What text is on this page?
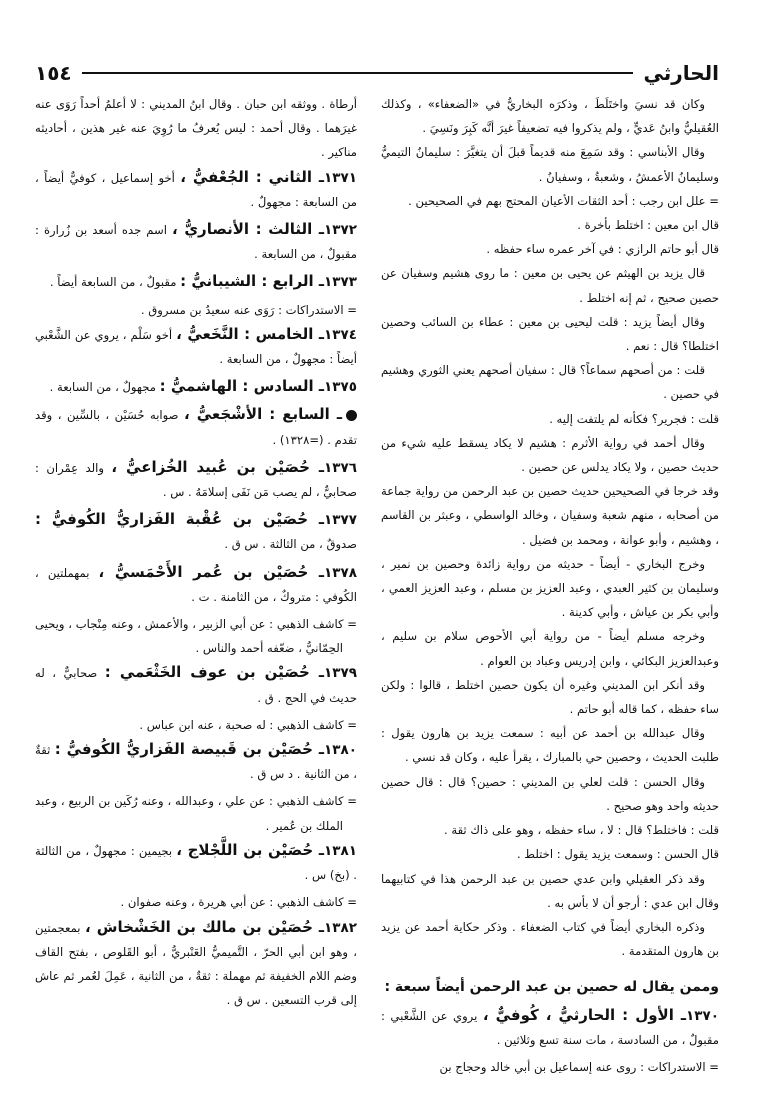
الحارثي
١٥٤

وكان قد نسيَ واختَلَطَ ، وذكرَه البخاريُّ في «الضعفاء» ، وكذلك العُقيليُّ وابنُ عَديٍّ ، ولم يذكروا فيه تضعيفاً غيرَ أنَّه كَبِرَ ونَسِيَ .

وقال الأبناسي : وقد سَمِعَ منه قديماً قبلَ أن يتغيَّرَ : سليمانُ التيميُّ وسليمانُ الأعمشُ ، وشعبةُ ، وسفيانُ .

= علل ابن رجب : أحد الثقات الأعيان المحتج بهم في الصحيحين .

قال ابن معين : اختلط بأخرة .

قال أبو حاتم الرازي : في آخر عمره ساء حفظه .

قال يزيد بن الهيثم عن يحيى بن معين : ما روى هشيم وسفيان عن حصين صحيح ، ثم إنه اختلط .

وقال أيضاً يزيد : قلت ليحيى بن معين : عطاء بن السائب وحصين اختلطا؟ قال : نعم .

قلت : من أصحهم سماعاً؟ قال : سفيان أصحهم يعني الثوري وهشيم في حصين .

قلت : فجرير؟ فكأنه لم يلتفت إليه .

وقال أحمد في رواية الأثرم : هشيم لا يكاد يسقط عليه شيء من حديث حصين ، ولا يكاد يدلس عن حصين .

وقد خرجا في الصحيحين حديث حصين بن عبد الرحمن من رواية جماعة من أصحابه ، منهم شعبة وسفيان ، وخالد الواسطي ، وعبثر بن القاسم ، وهشيم ، وأبو عوانة ، ومحمد بن فضيل .

وخرج البخاري - أيضاً - حديثه من رواية زائدة وحصين بن نمير ، وسليمان بن كثير العبدي ، وعبد العزيز بن مسلم ، وعبد العزيز العمي ، وأبي بكر بن عياش ، وأبي كدينة .

وخرجه مسلم أيضاً - من رواية أبي الأحوص سلام بن سليم ، وعبدالعزيز البكائي ، وابن إدريس وعباد بن العوام .

وقد أنكر ابن المديني وغيره أن يكون حصين اختلط ، قالوا : ولكن ساء حفظه ، كما قاله أبو حاتم .

وقال عبدالله بن أحمد عن أبيه : سمعت يزيد بن هارون يقول : طلبت الحديث ، وحصين حي بالمبارك ، يقرأ عليه ، وكان قد نسي .

وقال الحسن : قلت لعلي بن المديني : حصين؟ قال : قال حصين حديثه واحد وهو صحيح .

قلت : فاختلط؟ قال : لا ، ساء حفظه ، وهو على ذاك ثقة .

قال الحسن : وسمعت يزيد يقول : اختلط .

وقد ذكر العقيلي وابن عدي حصين بن عبد الرحمن هذا في كتابيهما وقال ابن عدي : أرجو أن لا بأس به .

وذكره البخاري أيضاً في كتاب الضعفاء . وذكر حكاية أحمد عن يزيد بن هارون المتقدمة .

وممن يقال له حصين بن عبد الرحمن أيضاً سبعة :

١٣٧٠ـ الأول : الحارثيُّ ، كُوفيٌّ ، يروي عن الشَّعْبي : مقبولٌ ، من السادسة ، مات سنة تسع وثلاثين .

= الاستدراكات : روى عنه إسماعيل بن أبي خالد وحجاج بن

أرطاة . ووثقه ابن حبان . وقال ابنُ المديني : لا أعلمُ أحداً رَوَى عنه غيرَهما . وقال أحمد : ليس يُعرفُ ما رُوِيَ عنه غير هذين ، أحاديثه مناكير .

١٣٧١ـ الثاني : الجُعْفيُّ ، أخو إسماعيل ، كوفيٌّ أيضاً ، من السابعة : مجهولٌ .
١٣٧٢ـ الثالث : الأنصاريُّ ، اسم جده أسعد بن زُرارة : مقبولٌ ، من السابعة .
١٣٧٣ـ الرابع : الشيبانيُّ : مقبولٌ ، من السابعة أيضاً .

= الاستدراكات : رَوَى عنه سعيدُ بن مسروق .

١٣٧٤ـ الخامس : النَّخَعيُّ ، أخو سَلْم ، يروي عن الشَّعْبي أيضاً : مجهولٌ ، من السابعة .
١٣٧٥ـ السادس : الهاشميُّ : مجهولٌ ، من السابعة .
ـ السابع : الأشْجَعيُّ ، صوابه حُسَيْن ، بالسِّين ، وقد تقدم . (=١٣٢٨) .
١٣٧٦ـ حُصَيْن بن عُبيد الخُزاعيُّ ، والد عِمْران : صحابيٌّ ، لم يصب مَن نَفَى إسلامَهُ . س .
١٣٧٧ـ حُصَيْن بن عُقْبة الفَزاريُّ الكُوفيُّ : صدوقٌ ، من الثالثة . س ق .
١٣٧٨ـ حُصَيْن بن عُمر الأَحْمَسيُّ ، بمهملتين ، الكُوفي : متروكٌ ، من الثامنة . ت .

= كاشف الذهبي : عن أبي الزبير ، والأعمش ، وعنه مِنْجاب ، ويحيى الحِمّانيُّ ، ضعّفه أحمد والناس .

١٣٧٩ـ حُصَيْن بن عوف الخَثْعَمي : صحابيٌّ ، له حديث في الحج . ق .

= كاشف الذهبي : له صحبة ، عنه ابن عباس .

١٣٨٠ـ حُصَيْن بن قَبيصة الفَزاريُّ الكُوفيُّ : ثقةٌ ، من الثانية . د س ق .

= كاشف الذهبي : عن علي ، وعبدالله ، وعنه رُكَين بن الربيع ، وعبد الملك بن عُمير .

١٣٨١ـ حُصَيْن بن اللَّجْلاج ، بجيمين : مجهولٌ ، من الثالثة . (بخ) س .

= كاشف الذهبي : عن أبي هريرة ، وعنه صفوان .

١٣٨٢ـ حُصَيْن بن مالك بن الخَشْخاش ، بمعجمتين ، وهو ابن أبي الحرّ ، التَّميميُّ العَنْبريُّ ، أبو القَلوص ، بفتح القاف وضم اللام الخفيفة ثم مهملة : ثقةٌ ، من الثانية ، عَمِلَ لعُمر ثم عاش إلى قرب التسعين . س ق .
